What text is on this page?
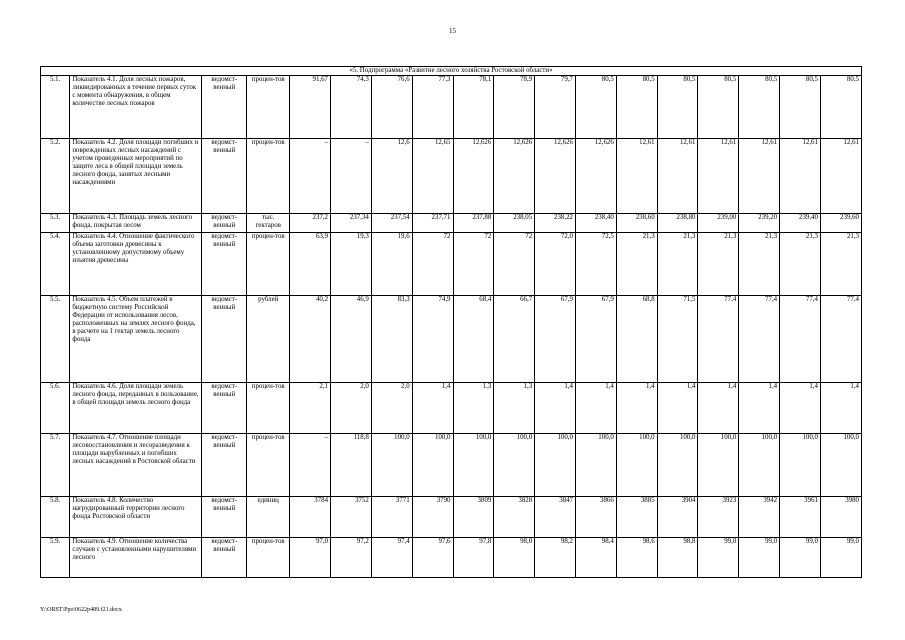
15
«5. Подпрограмма «Развитие лесного хозяйства Ростовской области»																	
5.1.	Показатель 4.1. Доля лесных пожаров, ликвидированных в течение первых суток с момента обнаружения, в общем количестве лесных пожаров	ведомст-венный	процен-тов	91,67	74,3	76,6	77,3	78,1	78,9	79,7	80,5	80,5	80,5	80,5	80,5	80,5	80,5
5.2.	Показатель 4.2. Доля площади погибших и поврежденных лесных насаждений с учетом проведенных мероприятий по защите леса в общей площади земель лесного фонда, занятых лесными насаждениями	ведомст-венный	процен-тов	–	–	12,6	12,65	12,626	12,626	12,626	12,626	12,61	12,61	12,61	12,61	12,61	12,61
5.3.	Показатель 4.3. Площадь земель лесного фонда, покрытая лесом	ведомст-венный	тыс. гектаров	237,2	237,34	237,54	237,71	237,88	238,05	238,22	238,40	238,60	238,80	239,00	239,20	239,40	239,60
5.4.	Показатель 4.4. Отношение фактического объема заготовки древесины к установленному допустимому объему изъятия древесины	ведомст-венный	процен-тов	63,9	19,3	19,6	72	72	72	72,0	72,5	21,3	21,3	21,3	21,3	21,3	21,3
5.5.	Показатель 4.5. Объем платежей в бюджетную систему Российской Федерации от использования лесов, расположенных на землях лесного фонда, в расчете на 1 гектар земель лесного фонда	ведомст-венный	рублей	40,2	46,9	83,3	74,9	68,4	66,7	67,9	67,9	68,8	71,5	77,4	77,4	77,4	77,4
5.6.	Показатель 4.6. Доля площади земель лесного фонда, переданных в пользование, в общей площади земель лесного фонда	ведомст-венный	процен-тов	2,1	2,0	2,0	1,4	1,3	1,3	1,4	1,4	1,4	1,4	1,4	1,4	1,4	1,4
5.7.	Показатель 4.7. Отношение площади лесовосстановления и лесоразведения к площади вырубленных и погибших лесных насаждений в Ростовской области	ведомст-венный	процен-тов	–	118,8	100,0	100,0	100,0	100,0	100,0	100,0	100,0	100,0	100,0	100,0	100,0	100,0
5.8.	Показатель 4.8. Количество нагрудированный территории лесного фонда Ростовской области	ведомст-венный	единиц	3784	3752	3771	3790	3809	3828	3847	3866	3885	3904	3923	3942	3961	3980
5.9.	Показатель 4.9. Отношение количества случаев с установленными нарушителями лесного	ведомст-венный	процен-тов	97,0	97,2	97,4	97,6	97,8	98,0	98,2	98,4	98,6	98,8	99,0	99,0	99,0	99,0
Y:\ORST\Ppo\0622p489.f21.docx
